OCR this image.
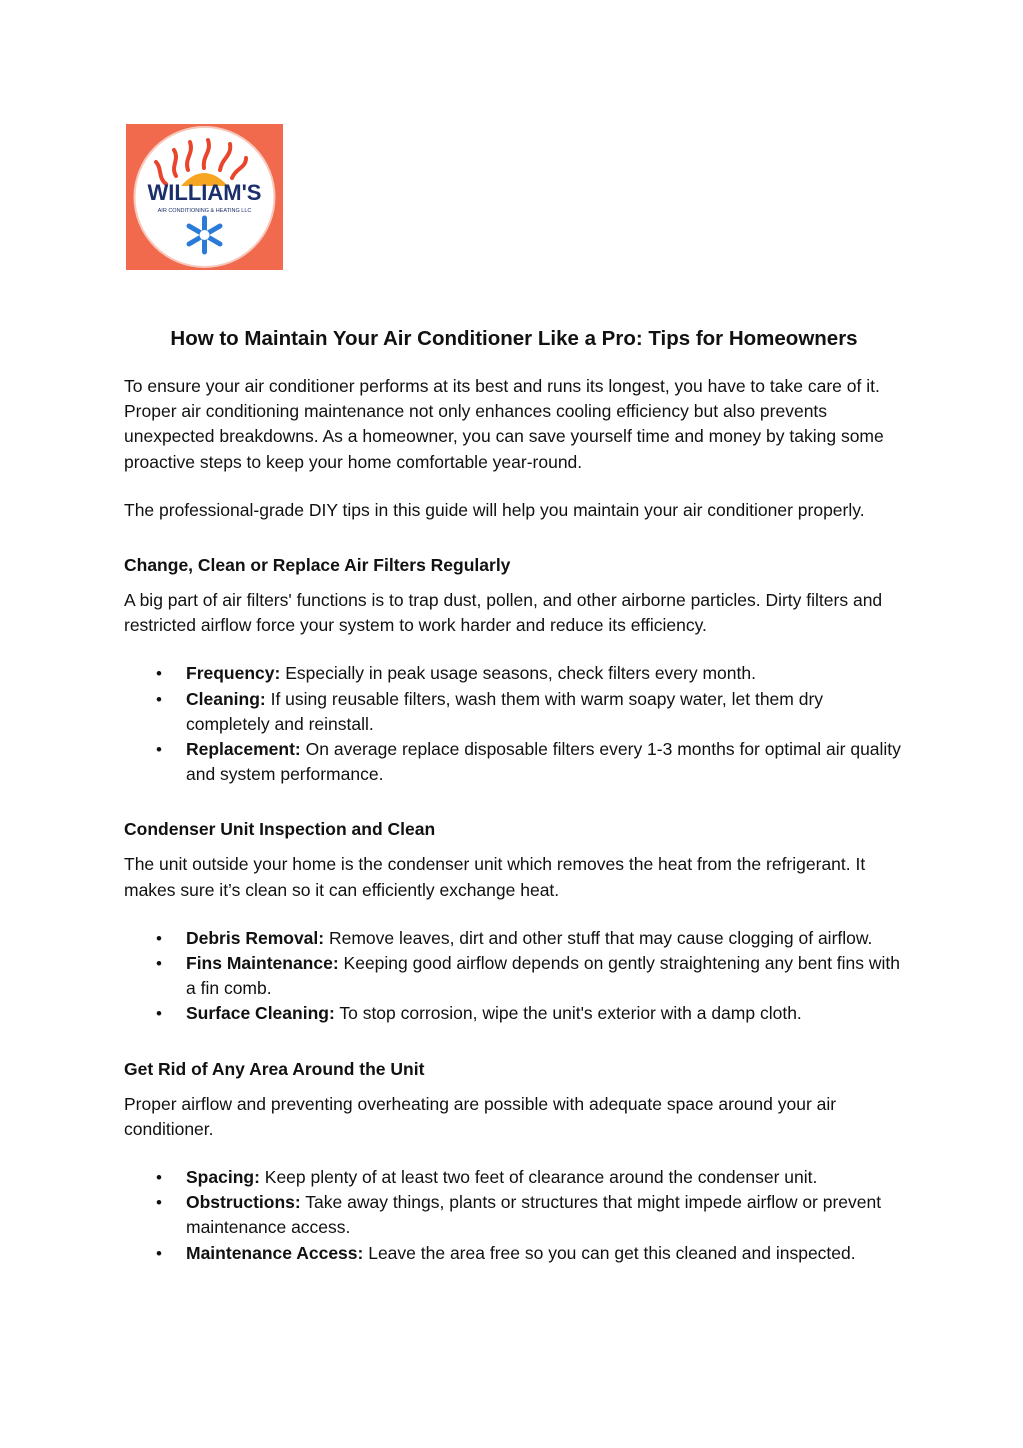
WILLIAM'S
AIR CONDITIONING & HEATING LLC
How to Maintain Your Air Conditioner Like a Pro: Tips for Homeowners

To ensure your air conditioner performs at its best and runs its longest, you have to take care of it. Proper air conditioning maintenance not only enhances cooling efficiency but also prevents unexpected breakdowns. As a homeowner, you can save yourself time and money by taking some proactive steps to keep your home comfortable year-round.

The professional-grade DIY tips in this guide will help you maintain your air conditioner properly.

Change, Clean or Replace Air Filters Regularly

A big part of air filters' functions is to trap dust, pollen, and other airborne particles. Dirty filters and restricted airflow force your system to work harder and reduce its efficiency.

• Frequency: Especially in peak usage seasons, check filters every month.
• Cleaning: If using reusable filters, wash them with warm soapy water, let them dry completely and reinstall.
• Replacement: On average replace disposable filters every 1-3 months for optimal air quality and system performance.
Condenser Unit Inspection and Clean

The unit outside your home is the condenser unit which removes the heat from the refrigerant. It makes sure it’s clean so it can efficiently exchange heat.

• Debris Removal: Remove leaves, dirt and other stuff that may cause clogging of airflow.
• Fins Maintenance: Keeping good airflow depends on gently straightening any bent fins with a fin comb.
• Surface Cleaning: To stop corrosion, wipe the unit's exterior with a damp cloth.
Get Rid of Any Area Around the Unit

Proper airflow and preventing overheating are possible with adequate space around your air conditioner.

• Spacing: Keep plenty of at least two feet of clearance around the condenser unit.
• Obstructions: Take away things, plants or structures that might impede airflow or prevent maintenance access.
• Maintenance Access: Leave the area free so you can get this cleaned and inspected.
